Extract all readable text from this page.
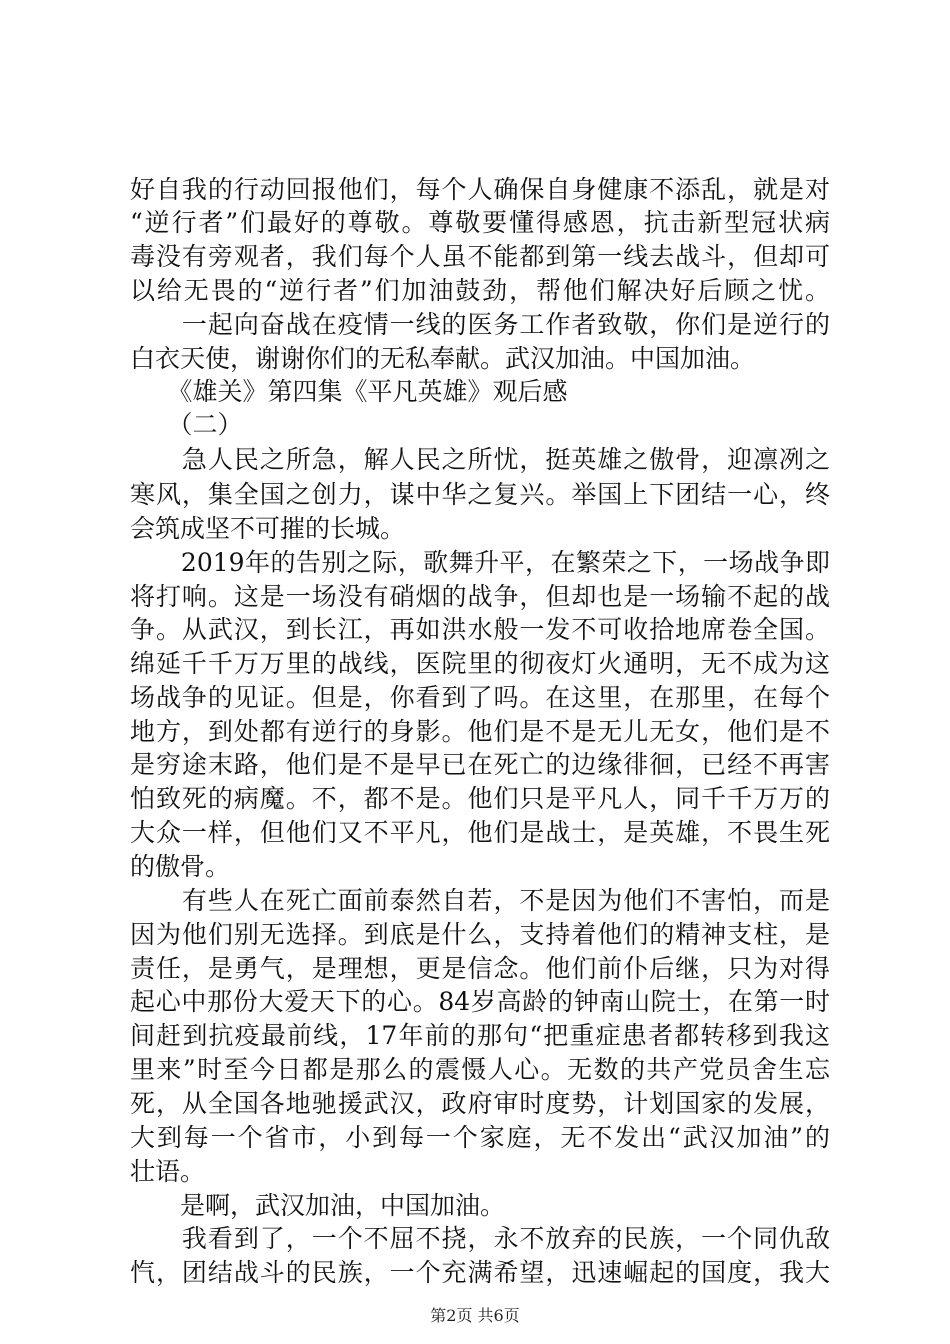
好自我的行动回报他们，每个人确保自身健康不添乱，就是对
“逆行者”们最好的尊敬。尊敬要懂得感恩，抗击新型冠状病
毒没有旁观者，我们每个人虽不能都到第一线去战斗，但却可
以给无畏的“逆行者”们加油鼓劲，帮他们解决好后顾之忧。
　　一起向奋战在疫情一线的医务工作者致敬，你们是逆行的
白衣天使，谢谢你们的无私奉献。武汉加油。中国加油。
　　《雄关》第四集《平凡英雄》观后感
　　（二）
　　急人民之所急，解人民之所忧，挺英雄之傲骨，迎凛冽之
寒风，集全国之创力，谋中华之复兴。举国上下团结一心，终
会筑成坚不可摧的长城。
　　2019年的告别之际，歌舞升平，在繁荣之下，一场战争即
将打响。这是一场没有硝烟的战争，但却也是一场输不起的战
争。从武汉，到长江，再如洪水般一发不可收拾地席卷全国。
绵延千千万万里的战线，医院里的彻夜灯火通明，无不成为这
场战争的见证。但是，你看到了吗。在这里，在那里，在每个
地方，到处都有逆行的身影。他们是不是无儿无女，他们是不
是穷途末路，他们是不是早已在死亡的边缘徘徊，已经不再害
怕致死的病魔。不，都不是。他们只是平凡人，同千千万万的
大众一样，但他们又不平凡，他们是战士，是英雄，不畏生死
的傲骨。
　　有些人在死亡面前泰然自若，不是因为他们不害怕，而是
因为他们别无选择。到底是什么，支持着他们的精神支柱，是
责任，是勇气，是理想，更是信念。他们前仆后继，只为对得
起心中那份大爱天下的心。84岁高龄的钟南山院士，在第一时
间赶到抗疫最前线，17年前的那句“把重症患者都转移到我这
里来”时至今日都是那么的震慑人心。无数的共产党员舍生忘
死，从全国各地驰援武汉，政府审时度势，计划国家的发展，
大到每一个省市，小到每一个家庭，无不发出“武汉加油”的
壮语。
　　是啊，武汉加油，中国加油。
　　我看到了，一个不屈不挠，永不放弃的民族，一个同仇敌
忾，团结战斗的民族，一个充满希望，迅速崛起的国度，我大
第2页 共6页
